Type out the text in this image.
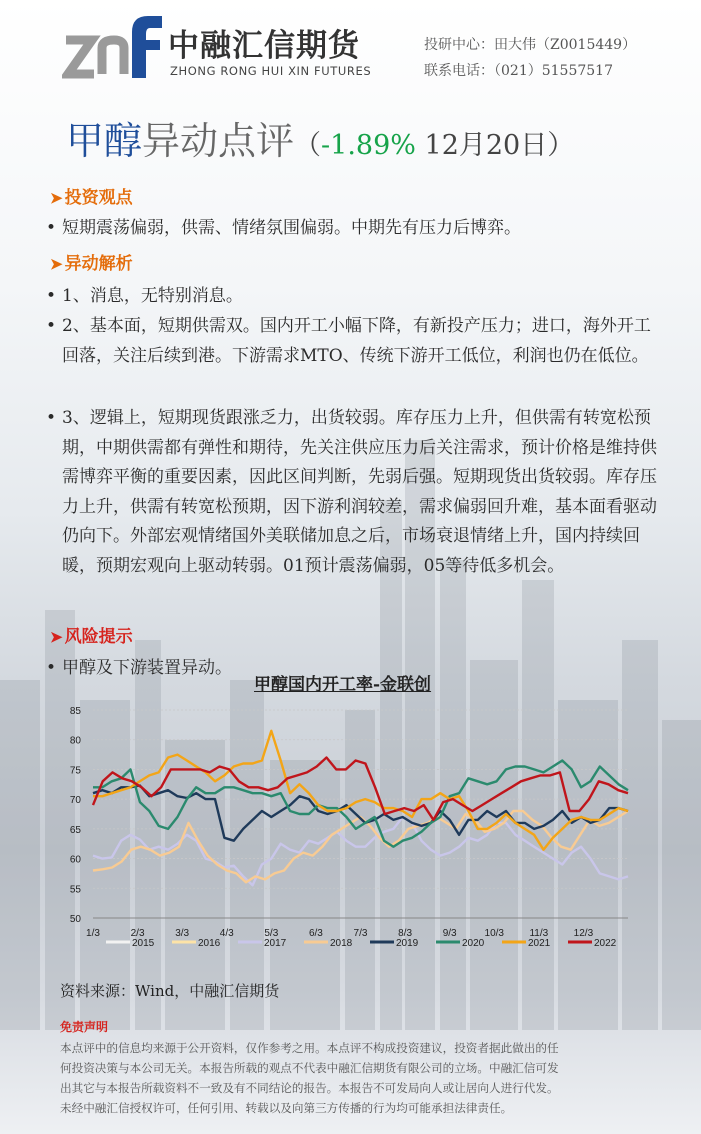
中融汇信期货
ZHONG RONG HUI XIN FUTURES
投研中心：田大伟（Z0015449）
联系电话：（021）51557517
甲醇异动点评（-1.89% 12月20日）
➤ 投资观点
• 短期震荡偏弱，供需、情绪氛围偏弱。中期先有压力后博弈。
➤ 异动解析
• 1、消息，无特别消息。
• 2、基本面，短期供需双。国内开工小幅下降，有新投产压力；进口，海外开工回落，关注后续到港。下游需求MTO、传统下游开工低位，利润也仍在低位。
• 3、逻辑上，短期现货跟涨乏力，出货较弱。库存压力上升，但供需有转宽松预期，中期供需都有弹性和期待，先关注供应压力后关注需求，预计价格是维持供需博弈平衡的重要因素，因此区间判断，先弱后强。短期现货出货较弱。库存压力上升，供需有转宽松预期，因下游利润较差，需求偏弱回升难，基本面看驱动仍向下。外部宏观情绪国外美联储加息之后，市场衰退情绪上升，国内持续回暖，预期宏观向上驱动转弱。01预计震荡偏弱，05等待低多机会。
➤ 风险提示
• 甲醇及下游装置异动。
甲醇国内开工率-金联创
50
55
60
65
70
75
80
85
1/3	2/3	3/3	4/3	5/3	6/3	7/3	8/3	9/3	10/3	11/3	12/3
2015	2016	2017	2018	2019	2020	2021	2022
资料来源：Wind，中融汇信期货
免责声明
本点评中的信息均来源于公开资料，仅作参考之用。本点评不构成投资建议，投资者据此做出的任
何投资决策与本公司无关。本报告所载的观点不代表中融汇信期货有限公司的立场。中融汇信可发
出其它与本报告所载资料不一致及有不同结论的报告。本报告不可发局向人或让居向人进行代发。
未经中融汇信授权许可，任何引用、转载以及向第三方传播的行为均可能承担法律责任。
